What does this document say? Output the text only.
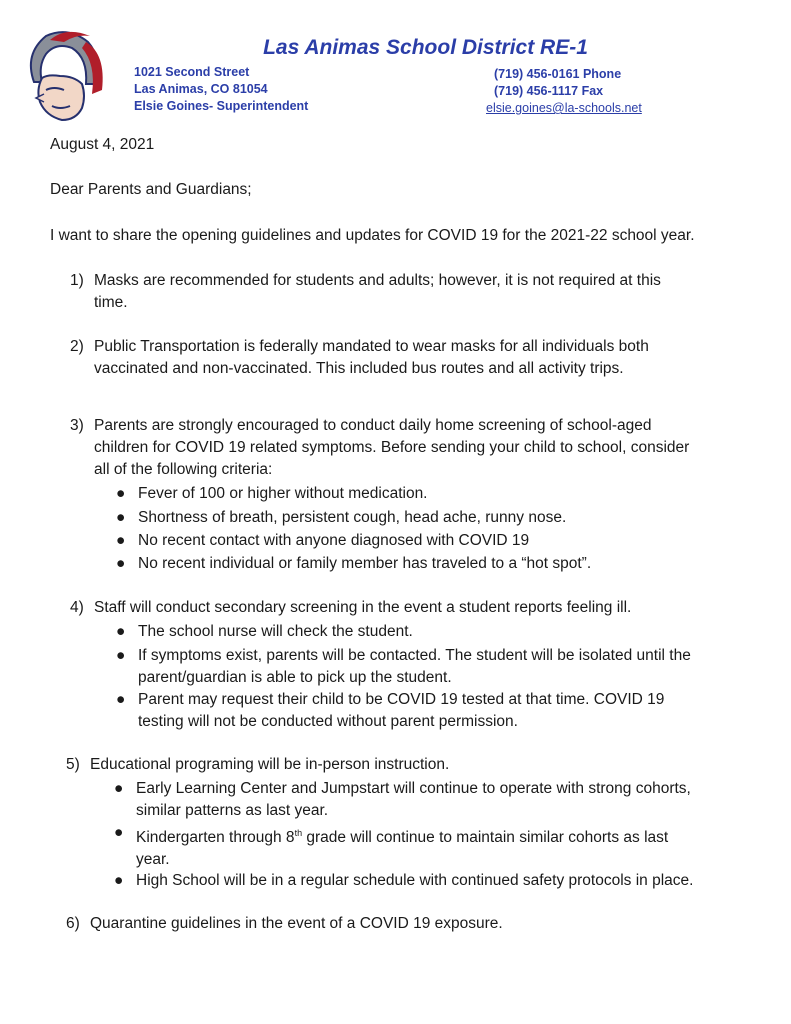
Las Animas School District RE-1
1021 Second Street
Las Animas, CO 81054
Elsie Goines- Superintendent
(719) 456-0161 Phone
(719) 456-1117 Fax
elsie.goines@la-schools.net
August 4, 2021
Dear Parents and Guardians;
I want to share the opening guidelines and updates for COVID 19 for the 2021-22 school year.
1) Masks are recommended for students and adults; however, it is not required at this
time.
2) Public Transportation is federally mandated to wear masks for all individuals both
vaccinated and non-vaccinated. This included bus routes and all activity trips.
3) Parents are strongly encouraged to conduct daily home screening of school-aged
children for COVID 19 related symptoms. Before sending your child to school, consider
all of the following criteria:
● Fever of 100 or higher without medication.
● Shortness of breath, persistent cough, head ache, runny nose.
● No recent contact with anyone diagnosed with COVID 19
● No recent individual or family member has traveled to a “hot spot”.
4) Staff will conduct secondary screening in the event a student reports feeling ill.
● The school nurse will check the student.
● If symptoms exist, parents will be contacted. The student will be isolated until the
parent/guardian is able to pick up the student.
● Parent may request their child to be COVID 19 tested at that time. COVID 19
testing will not be conducted without parent permission.
5) Educational programing will be in-person instruction.
● Early Learning Center and Jumpstart will continue to operate with strong cohorts,
similar patterns as last year.
● Kindergarten through 8th grade will continue to maintain similar cohorts as last
year.
● High School will be in a regular schedule with continued safety protocols in place.
6) Quarantine guidelines in the event of a COVID 19 exposure.
